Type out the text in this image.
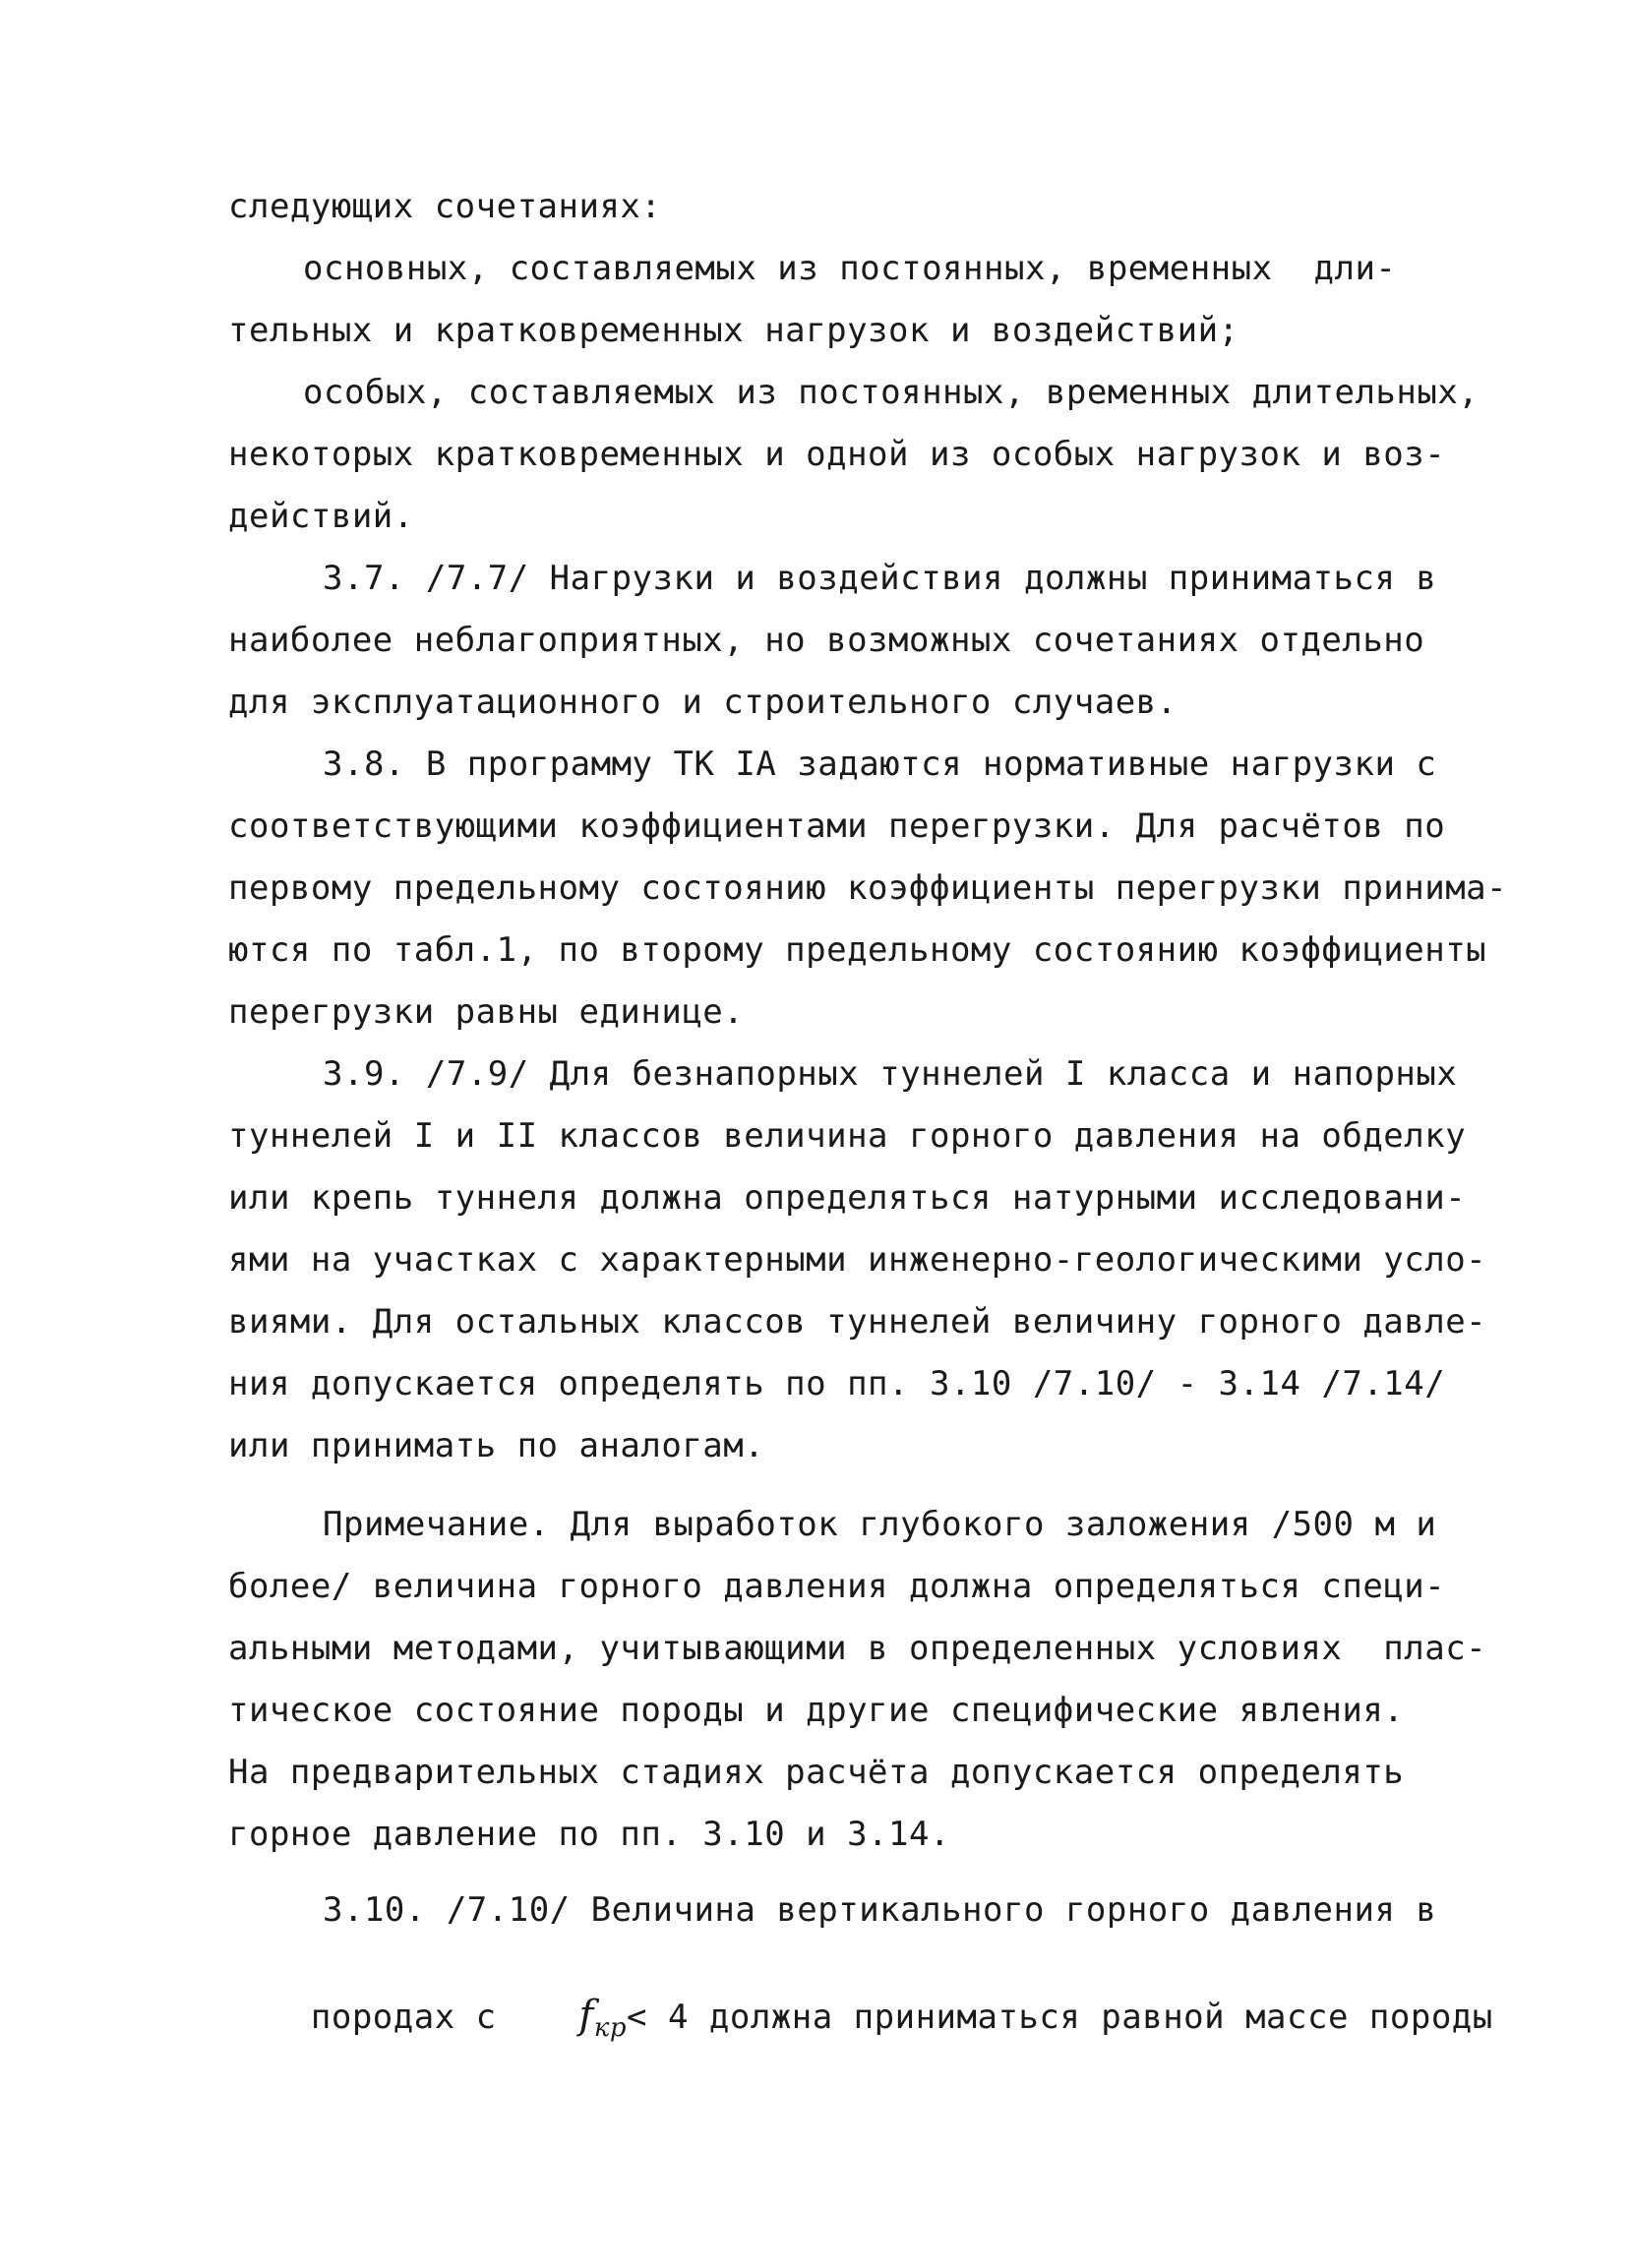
следующих сочетаниях:
основных, составляемых из постоянных, временных  дли-
тельных и кратковременных нагрузок и воздействий;
особых, составляемых из постоянных, временных длительных,
некоторых кратковременных и одной из особых нагрузок и воз-
действий.
3.7. /7.7/ Нагрузки и воздействия должны приниматься в
наиболее неблагоприятных, но возможных сочетаниях отдельно
для эксплуатационного и строительного случаев.
3.8. В программу ТК IA задаются нормативные нагрузки с
соответствующими коэффициентами перегрузки. Для расчётов по
первому предельному состоянию коэффициенты перегрузки принима-
ются по табл.1, по второму предельному состоянию коэффициенты
перегрузки равны единице.
3.9. /7.9/ Для безнапорных туннелей I класса и напорных
туннелей I и II классов величина горного давления на обделку
или крепь туннеля должна определяться натурными исследовани-
ями на участках с характерными инженерно-геологическими усло-
виями. Для остальных классов туннелей величину горного давле-
ния допускается определять по пп. 3.10 /7.10/ - 3.14 /7.14/
или принимать по аналогам.
Примечание. Для выработок глубокого заложения /500 м и
более/ величина горного давления должна определяться специ-
альными методами, учитывающими в определенных условиях  плас-
тическое состояние породы и другие специфические явления.
На предварительных стадиях расчёта допускается определять
горное давление по пп. 3.10 и 3.14.
3.10. /7.10/ Величина вертикального горного давления в

породах с $f_{кр}< 4$ должна приниматься равной массе породы
